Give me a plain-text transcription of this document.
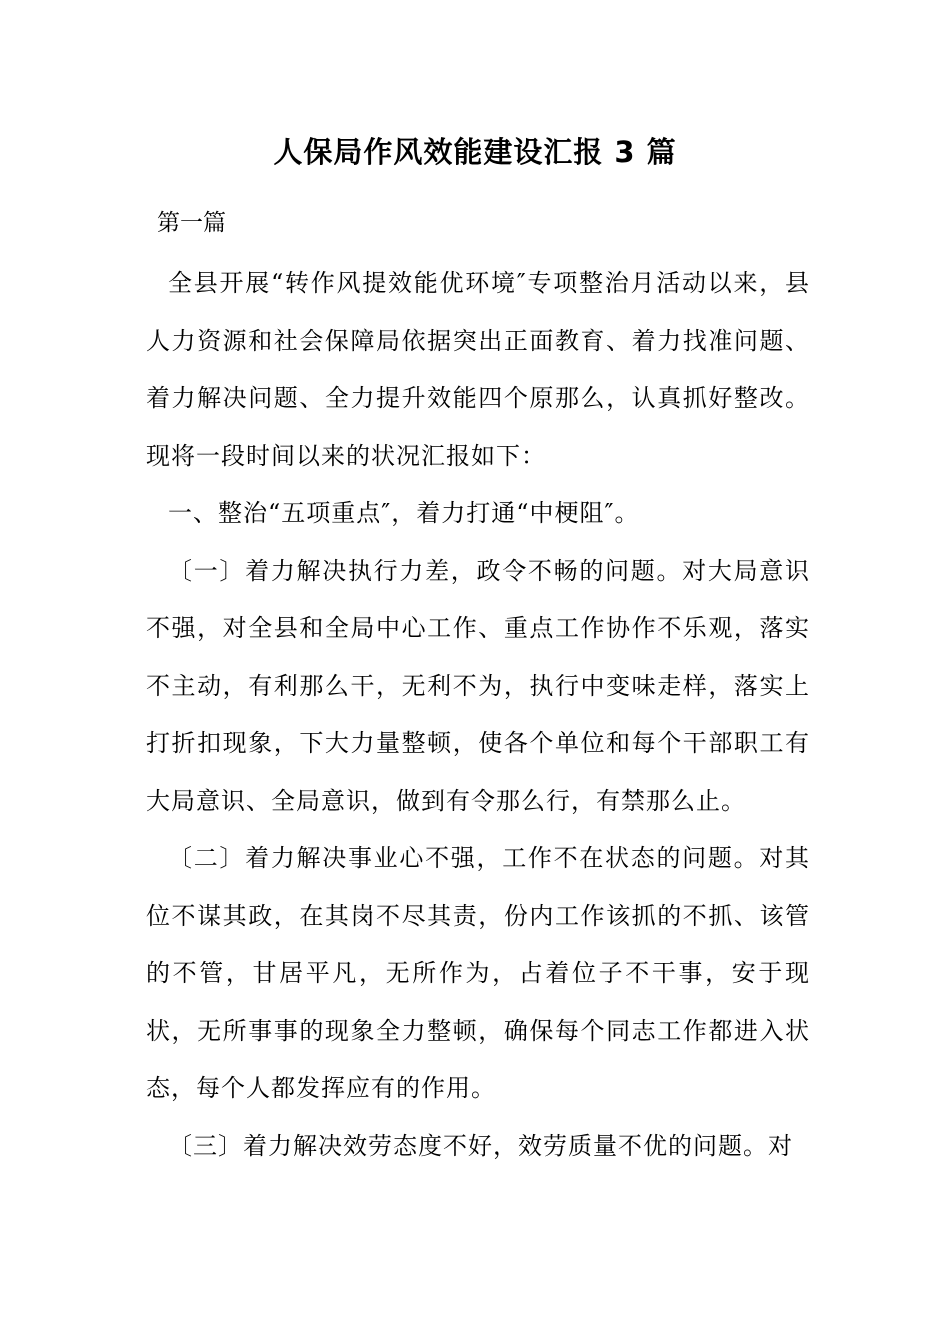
人保局作风效能建设汇报 3 篇
第一篇

全县开展“转作风提效能优环境″专项整治月活动以来，县人力资源和社会保障局依据突出正面教育、着力找准问题、着力解决问题、全力提升效能四个原那么，认真抓好整改。现将一段时间以来的状况汇报如下：

一、整治“五项重点″，着力打通“中梗阻″。

〔一〕着力解决执行力差，政令不畅的问题。对大局意识不强，对全县和全局中心工作、重点工作协作不乐观，落实不主动，有利那么干，无利不为，执行中变味走样，落实上打折扣现象，下大力量整顿，使各个单位和每个干部职工有大局意识、全局意识，做到有令那么行，有禁那么止。

〔二〕着力解决事业心不强，工作不在状态的问题。对其位不谋其政，在其岗不尽其责，份内工作该抓的不抓、该管的不管，甘居平凡，无所作为，占着位子不干事，安于现状，无所事事的现象全力整顿，确保每个同志工作都进入状态，每个人都发挥应有的作用。

〔三〕着力解决效劳态度不好，效劳质量不优的问题。对
